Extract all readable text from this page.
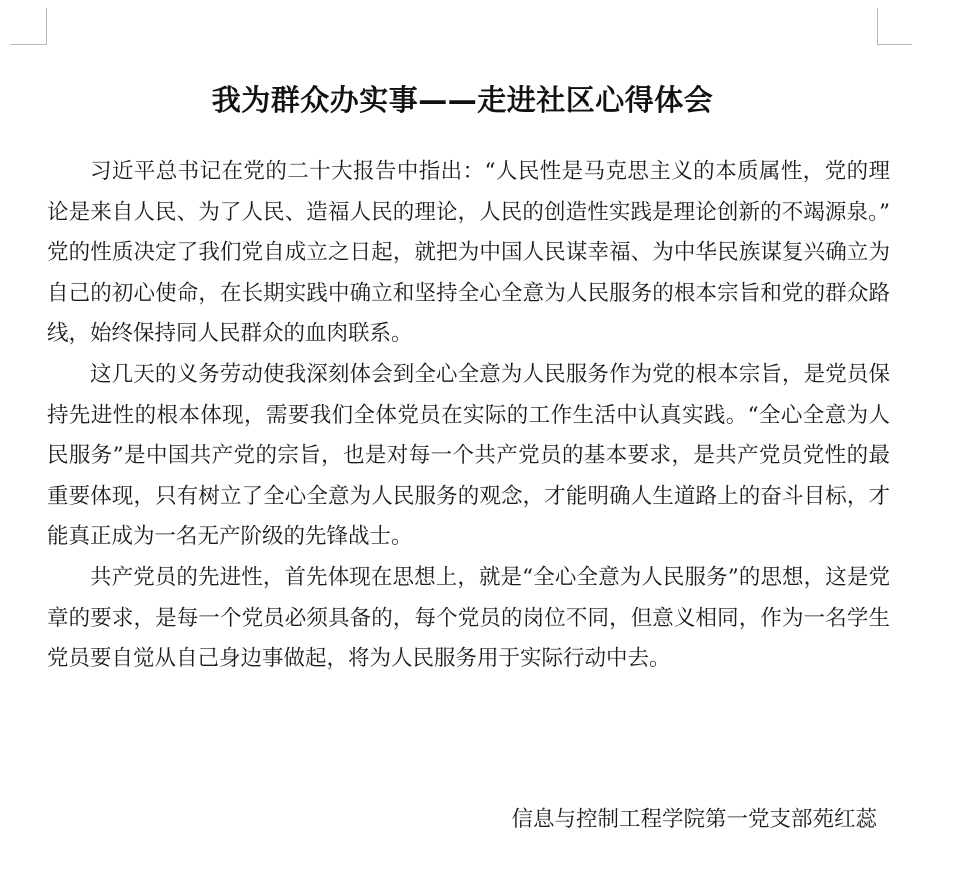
我为群众办实事——走进社区心得体会

习近平总书记在党的二十大报告中指出：“人民性是马克思主义的本质属性，党的理论是来自人民、为了人民、造福人民的理论，人民的创造性实践是理论创新的不竭源泉。”党的性质决定了我们党自成立之日起，就把为中国人民谋幸福、为中华民族谋复兴确立为自己的初心使命，在长期实践中确立和坚持全心全意为人民服务的根本宗旨和党的群众路线，始终保持同人民群众的血肉联系。

这几天的义务劳动使我深刻体会到全心全意为人民服务作为党的根本宗旨，是党员保持先进性的根本体现，需要我们全体党员在实际的工作生活中认真实践。“全心全意为人民服务”是中国共产党的宗旨，也是对每一个共产党员的基本要求，是共产党员党性的最重要体现，只有树立了全心全意为人民服务的观念，才能明确人生道路上的奋斗目标，才能真正成为一名无产阶级的先锋战士。

共产党员的先进性，首先体现在思想上，就是“全心全意为人民服务”的思想，这是党章的要求，是每一个党员必须具备的，每个党员的岗位不同，但意义相同，作为一名学生党员要自觉从自己身边事做起，将为人民服务用于实际行动中去。

信息与控制工程学院第一党支部苑红蕊
